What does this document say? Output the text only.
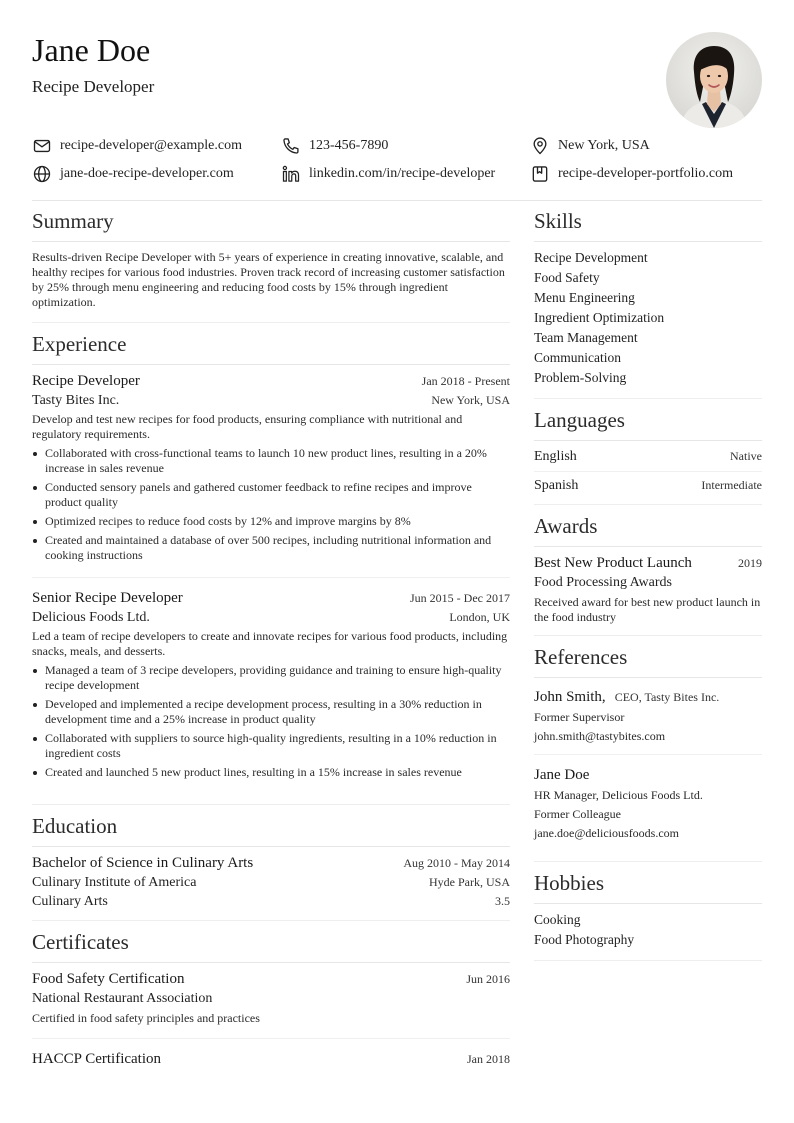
Jane Doe
Recipe Developer
recipe-developer@example.com	123-456-7890	New York, USA
jane-doe-recipe-developer.com	linkedin.com/in/recipe-developer	recipe-developer-portfolio.com
Summary
Results-driven Recipe Developer with 5+ years of experience in creating innovative, scalable, and healthy recipes for various food industries. Proven track record of increasing customer satisfaction by 25% through menu engineering and reducing food costs by 15% through ingredient optimization.
Experience
Recipe Developer	Jan 2018 - Present
Tasty Bites Inc.	New York, USA
Develop and test new recipes for food products, ensuring compliance with nutritional and regulatory requirements.
Collaborated with cross-functional teams to launch 10 new product lines, resulting in a 20% increase in sales revenue
Conducted sensory panels and gathered customer feedback to refine recipes and improve product quality
Optimized recipes to reduce food costs by 12% and improve margins by 8%
Created and maintained a database of over 500 recipes, including nutritional information and cooking instructions
Senior Recipe Developer	Jun 2015 - Dec 2017
Delicious Foods Ltd.	London, UK
Led a team of recipe developers to create and innovate recipes for various food products, including snacks, meals, and desserts.
Managed a team of 3 recipe developers, providing guidance and training to ensure high-quality recipe development
Developed and implemented a recipe development process, resulting in a 30% reduction in development time and a 25% increase in product quality
Collaborated with suppliers to source high-quality ingredients, resulting in a 10% reduction in ingredient costs
Created and launched 5 new product lines, resulting in a 15% increase in sales revenue
Education
Bachelor of Science in Culinary Arts	Aug 2010 - May 2014
Culinary Institute of America	Hyde Park, USA
Culinary Arts	3.5
Certificates
Food Safety Certification	Jun 2016
National Restaurant Association
Certified in food safety principles and practices
HACCP Certification	Jan 2018
Skills
Recipe Development
Food Safety
Menu Engineering
Ingredient Optimization
Team Management
Communication
Problem-Solving
Languages
English	Native
Spanish	Intermediate
Awards
Best New Product Launch	2019
Food Processing Awards
Received award for best new product launch in the food industry
References
John Smith, CEO, Tasty Bites Inc.
Former Supervisor
john.smith@tastybites.com
Jane Doe
HR Manager, Delicious Foods Ltd.
Former Colleague
jane.doe@deliciousfoods.com
Hobbies
Cooking
Food Photography
